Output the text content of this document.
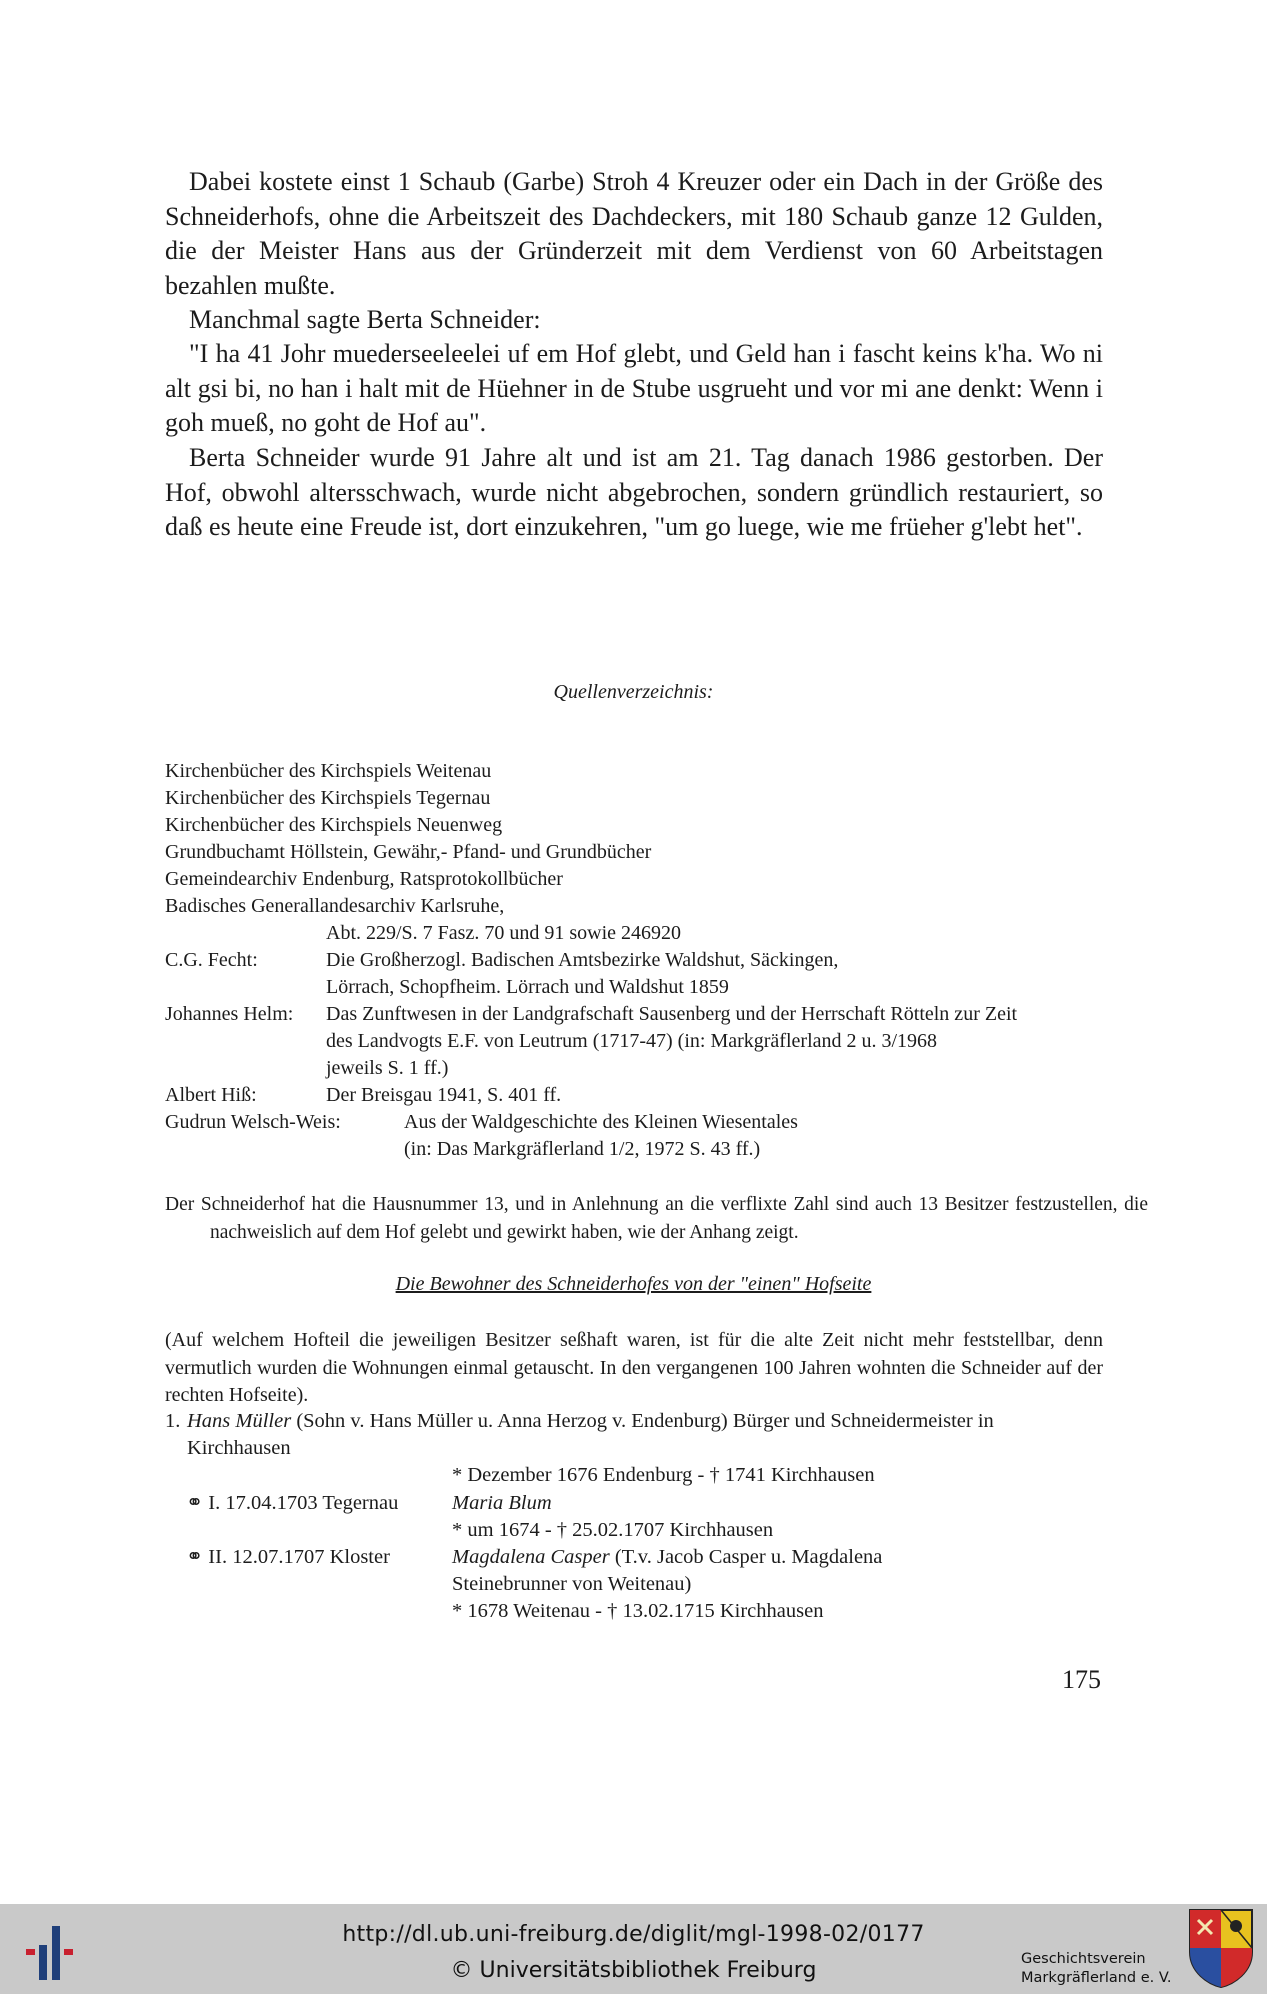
Dabei kostete einst 1 Schaub (Garbe) Stroh 4 Kreuzer oder ein Dach in der Größe des Schneiderhofs, ohne die Arbeitszeit des Dachdeckers, mit 180 Schaub ganze 12 Gulden, die der Meister Hans aus der Gründerzeit mit dem Verdienst von 60 Arbeitstagen bezahlen mußte.

Manchmal sagte Berta Schneider:

"I ha 41 Johr muederseeleelei uf em Hof glebt, und Geld han i fascht keins k'ha. Wo ni alt gsi bi, no han i halt mit de Hüehner in de Stube usgrueht und vor mi ane denkt: Wenn i goh mueß, no goht de Hof au".

Berta Schneider wurde 91 Jahre alt und ist am 21. Tag danach 1986 gestorben. Der Hof, obwohl altersschwach, wurde nicht abgebrochen, sondern gründlich restauriert, so daß es heute eine Freude ist, dort einzukehren, "um go luege, wie me früeher g'lebt het".

Quellenverzeichnis:
Kirchenbücher des Kirchspiels Weitenau
Kirchenbücher des Kirchspiels Tegernau
Kirchenbücher des Kirchspiels Neuenweg
Grundbuchamt Höllstein, Gewähr,- Pfand- und Grundbücher
Gemeindearchiv Endenburg, Ratsprotokollbücher
Badisches Generallandesarchiv Karlsruhe,
Abt. 229/S. 7 Fasz. 70 und 91 sowie 246920
C.G. Fecht:	Die Großherzogl. Badischen Amtsbezirke Waldshut, Säckingen,
Lörrach, Schopfheim. Lörrach und Waldshut 1859
Johannes Helm: Das Zunftwesen in der Landgrafschaft Sausenberg und der Herrschaft Rötteln zur Zeit
des Landvogts E.F. von Leutrum (1717-47) (in: Markgräflerland 2 u. 3/1968
jeweils S. 1 ff.)
Albert Hiß:	Der Breisgau 1941, S. 401 ff.
Gudrun Welsch-Weis:	Aus der Waldgeschichte des Kleinen Wiesentales
(in: Das Markgräflerland 1/2, 1972 S. 43 ff.)

Der Schneiderhof hat die Hausnummer 13, und in Anlehnung an die verflixte Zahl sind auch 13 Besitzer festzustellen, die nachweislich auf dem Hof gelebt und gewirkt haben, wie der Anhang zeigt.

Die Bewohner des Schneiderhofes von der "einen" Hofseite

(Auf welchem Hofteil die jeweiligen Besitzer seßhaft waren, ist für die alte Zeit nicht mehr feststellbar, denn vermutlich wurden die Wohnungen einmal getauscht. In den vergangenen 100 Jahren wohnten die Schneider auf der rechten Hofseite).

1. Hans Müller (Sohn v. Hans Müller u. Anna Herzog v. Endenburg) Bürger und Schneidermeister in
Kirchhausen
* Dezember 1676 Endenburg - † 1741 Kirchhausen
⚭ I. 17.04.1703 Tegernau	Maria Blum
* um 1674 - † 25.02.1707 Kirchhausen
⚭ II. 12.07.1707 Kloster	Magdalena Casper (T.v. Jacob Casper u. Magdalena
Steinebrunner von Weitenau)
* 1678 Weitenau - † 13.02.1715 Kirchhausen
175
http://dl.ub.uni-freiburg.de/diglit/mgl-1998-02/0177
© Universitätsbibliothek Freiburg	Geschichtsverein
Markgräflerland e. V.
